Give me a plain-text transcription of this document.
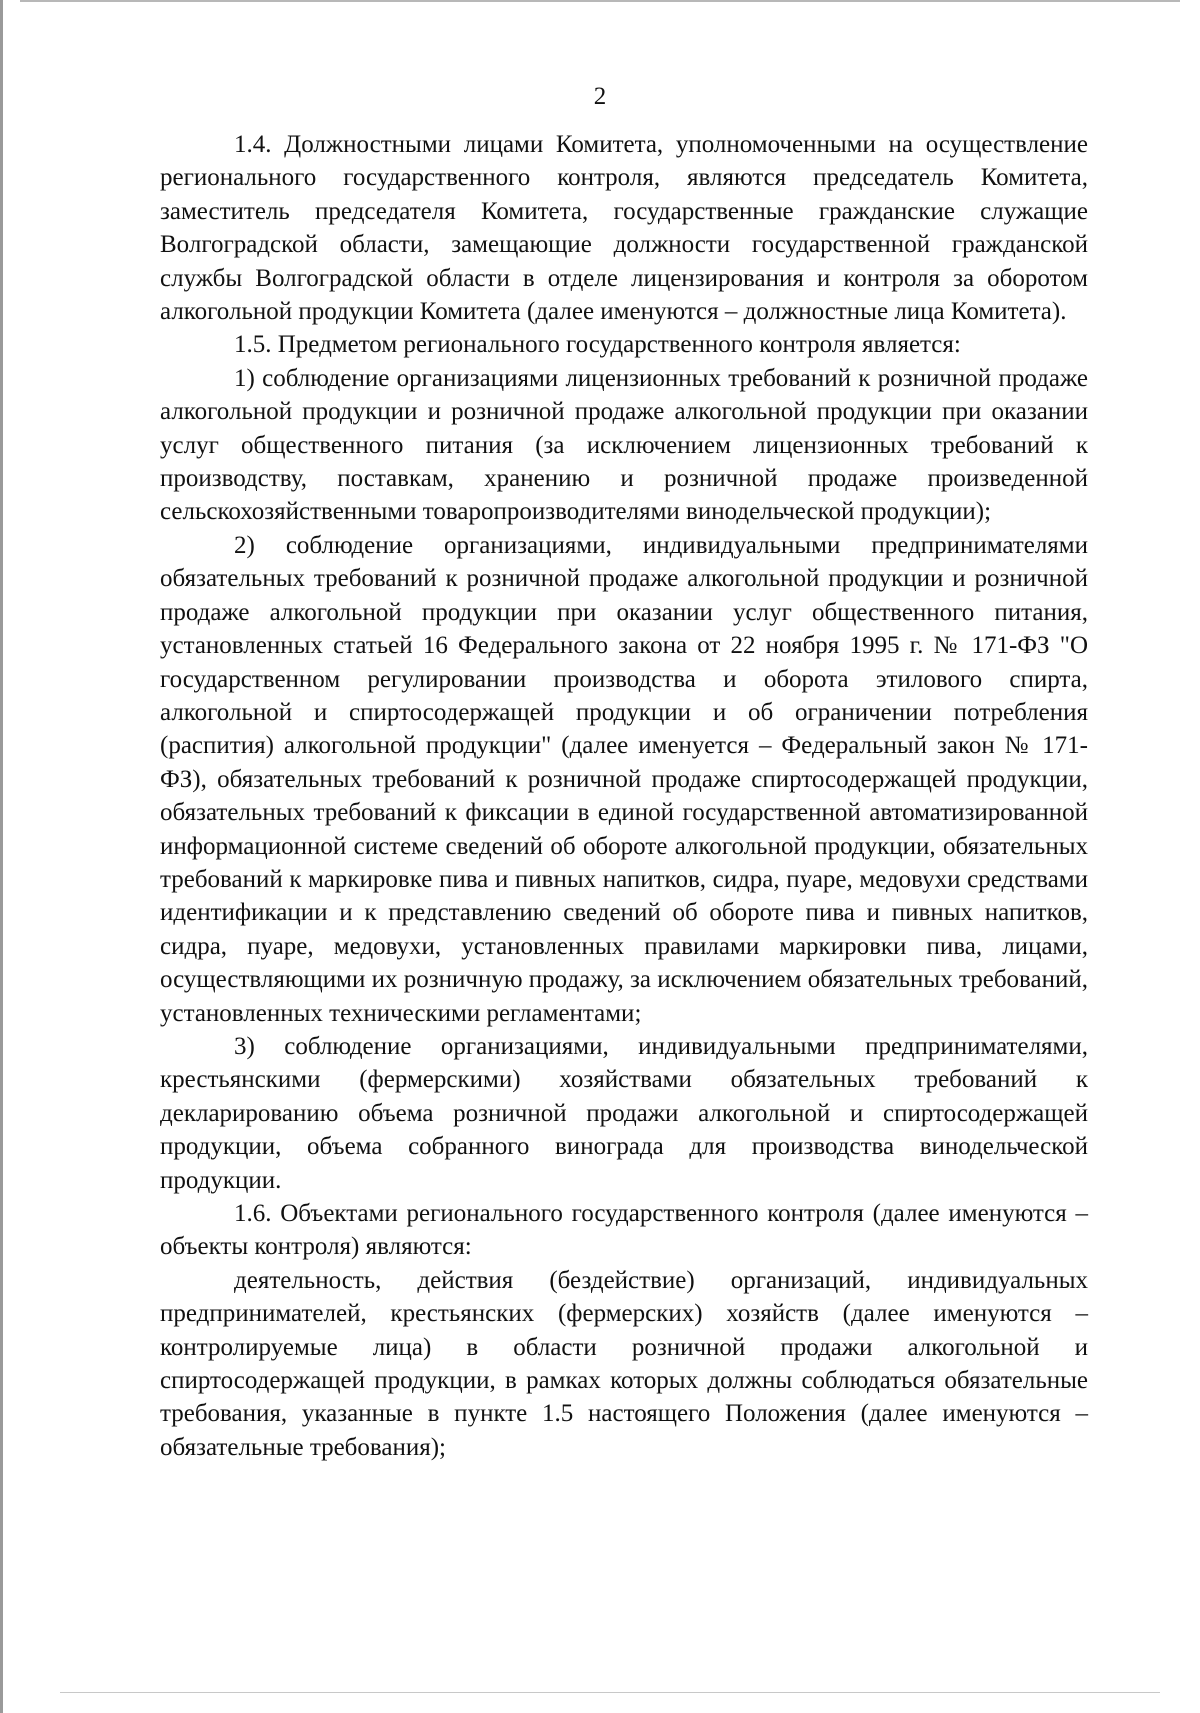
2

1.4. Должностными лицами Комитета, уполномоченными на осуществление регионального государственного контроля, являются председатель Комитета, заместитель председателя Комитета, государственные гражданские служащие Волгоградской области, замещающие должности государственной гражданской службы Волгоградской области в отделе лицензирования и контроля за оборотом алкогольной продукции Комитета (далее именуются – должностные лица Комитета).

1.5. Предметом регионального государственного контроля является:

1) соблюдение организациями лицензионных требований к розничной продаже алкогольной продукции и розничной продаже алкогольной продукции при оказании услуг общественного питания (за исключением лицензионных требований к производству, поставкам, хранению и розничной продаже произведенной сельскохозяйственными товаропроизводителями винодельческой продукции);

2) соблюдение организациями, индивидуальными предпринимателями обязательных требований к розничной продаже алкогольной продукции и розничной продаже алкогольной продукции при оказании услуг общественного питания, установленных статьей 16 Федерального закона от 22 ноября 1995 г. № 171-ФЗ "О государственном регулировании производства и оборота этилового спирта, алкогольной и спиртосодержащей продукции и об ограничении потребления (распития) алкогольной продукции" (далее именуется – Федеральный закон № 171-ФЗ), обязательных требований к розничной продаже спиртосодержащей продукции, обязательных требований к фиксации в единой государственной автоматизированной информационной системе сведений об обороте алкогольной продукции, обязательных требований к маркировке пива и пивных напитков, сидра, пуаре, медовухи средствами идентификации и к представлению сведений об обороте пива и пивных напитков, сидра, пуаре, медовухи, установленных правилами маркировки пива, лицами, осуществляющими их розничную продажу, за исключением обязательных требований, установленных техническими регламентами;

3) соблюдение организациями, индивидуальными предпринимателями, крестьянскими (фермерскими) хозяйствами обязательных требований к декларированию объема розничной продажи алкогольной и спиртосодержащей продукции, объема собранного винограда для производства винодельческой продукции.

1.6. Объектами регионального государственного контроля (далее именуются – объекты контроля) являются:

деятельность, действия (бездействие) организаций, индивидуальных предпринимателей, крестьянских (фермерских) хозяйств (далее именуются – контролируемые лица) в области розничной продажи алкогольной и спиртосодержащей продукции, в рамках которых должны соблюдаться обязательные требования, указанные в пункте 1.5 настоящего Положения (далее именуются – обязательные требования);
